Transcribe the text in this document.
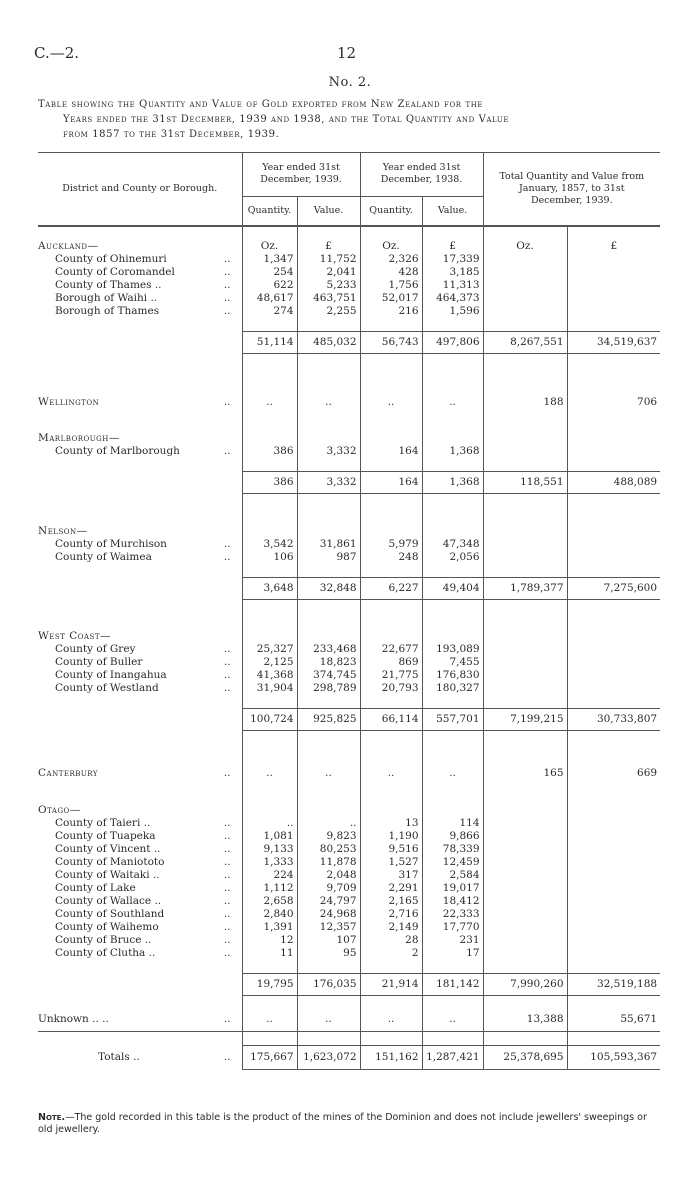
C.—2.	12
No. 2.

Table showing the Quantity and Value of Gold exported from New Zealand for the

Years ended the 31st December, 1939 and 1938, and the Total Quantity and Value

from 1857 to the 31st December, 1939.

District and County or Borough.		Year ended 31st December, 1939.		Year ended 31st December, 1938.		Total Quantity and Value from January, 1857, to 31st December, 1939.	
		Quantity.	Value.	Quantity.	Value.		

Auckland—		Oz.	£	Oz.	£	Oz.	£
County of Ohinemuri	..	1,347	11,752	2,326	17,339		
County of Coromandel	..	254	2,041	428	3,185		
County of Thames ..	..	622	5,233	1,756	11,313		
Borough of Waihi ..	..	48,617	463,751	52,017	464,373		
Borough of Thames	..	274	2,255	216	1,596		

		51,114	485,032	56,743	497,806	8,267,551	34,519,637

Wellington	..	..	..	..	..	188	706

Marlborough—							
County of Marlborough	..	386	3,332	164	1,368		

		386	3,332	164	1,368	118,551	488,089

Nelson—							
County of Murchison	..	3,542	31,861	5,979	47,348		
County of Waimea	..	106	987	248	2,056		

		3,648	32,848	6,227	49,404	1,789,377	7,275,600

West Coast—							
County of Grey	..	25,327	233,468	22,677	193,089		
County of Buller	..	2,125	18,823	869	7,455		
County of Inangahua	..	41,368	374,745	21,775	176,830		
County of Westland	..	31,904	298,789	20,793	180,327		

		100,724	925,825	66,114	557,701	7,199,215	30,733,807

Canterbury	..	..	..	..	..	165	669

Otago—							
County of Taieri ..	..	..	..	13	114		
County of Tuapeka	..	1,081	9,823	1,190	9,866		
County of Vincent ..	..	9,133	80,253	9,516	78,339		
County of Maniototo	..	1,333	11,878	1,527	12,459		
County of Waitaki ..	..	224	2,048	317	2,584		
County of Lake	..	1,112	9,709	2,291	19,017		
County of Wallace ..	..	2,658	24,797	2,165	18,412		
County of Southland	..	2,840	24,968	2,716	22,333		
County of Waihemo	..	1,391	12,357	2,149	17,770		
County of Bruce ..	..	12	107	28	231		
County of Clutha ..	..	11	95	2	17		

		19,795	176,035	21,914	181,142	7,990,260	32,519,188

Unknown .. ..	..	..	..	..	..	13,388	55,671

Totals ..	..	175,667	1,623,072	151,162	1,287,421	25,378,695	105,593,367
Note.—The gold recorded in this table is the product of the mines of the Dominion and does not include jewellers' sweepings or old jewellery.
